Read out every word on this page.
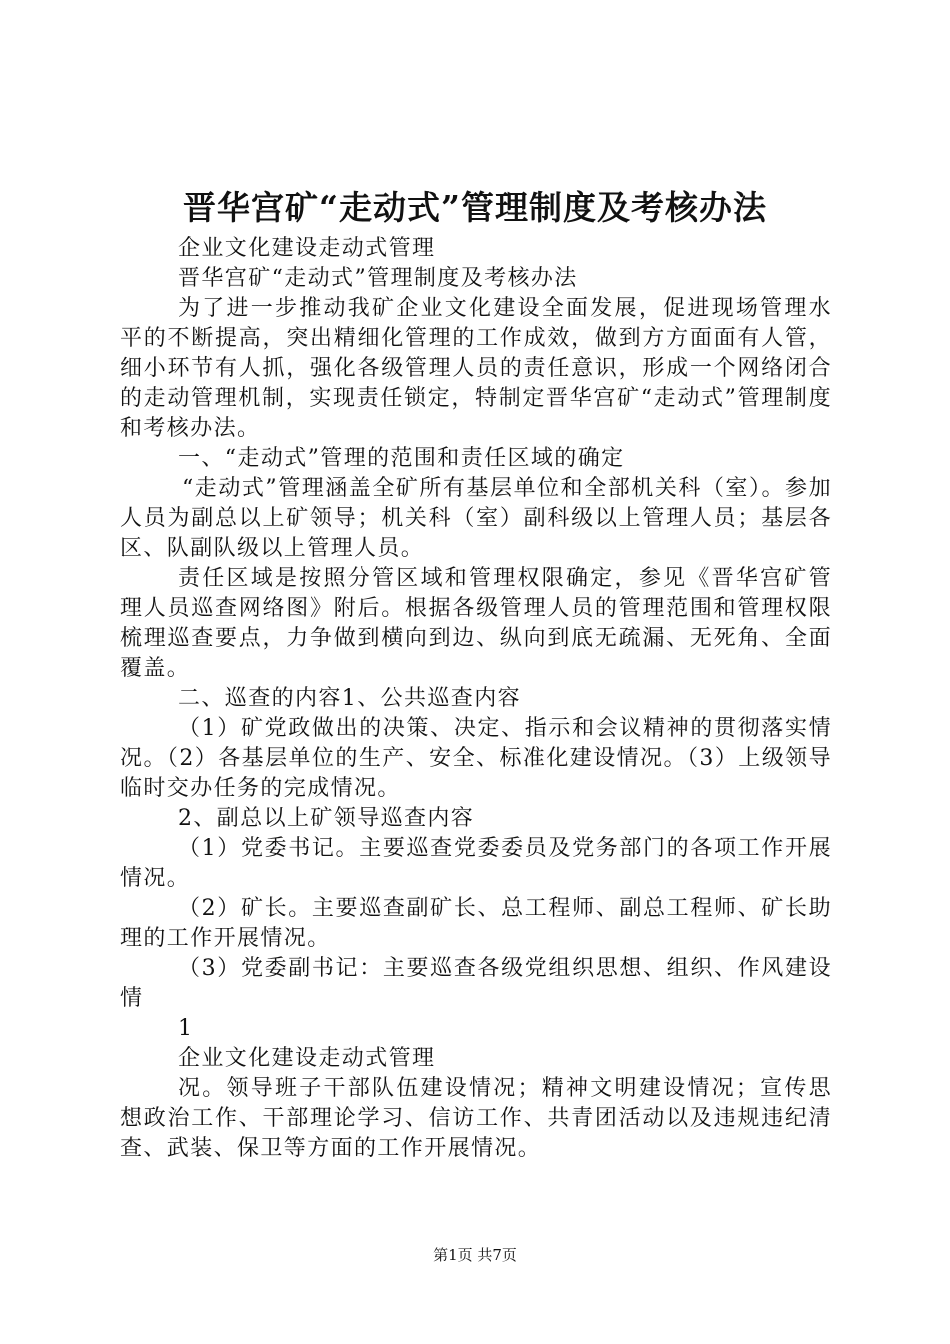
晋华宫矿“走动式”管理制度及考核办法

企业文化建设走动式管理

晋华宫矿“走动式”管理制度及考核办法

为了进一步推动我矿企业文化建设全面发展，促进现场管理水平的不断提高，突出精细化管理的工作成效，做到方方面面有人管，细小环节有人抓，强化各级管理人员的责任意识，形成一个网络闭合的走动管理机制，实现责任锁定，特制定晋华宫矿“走动式”管理制度和考核办法。

一、“走动式”管理的范围和责任区域的确定

“走动式”管理涵盖全矿所有基层单位和全部机关科（室）。参加人员为副总以上矿领导；机关科（室）副科级以上管理人员；基层各区、队副队级以上管理人员。

责任区域是按照分管区域和管理权限确定，参见《晋华宫矿管理人员巡查网络图》附后。根据各级管理人员的管理范围和管理权限梳理巡查要点，力争做到横向到边、纵向到底无疏漏、无死角、全面覆盖。

二、巡查的内容1、公共巡查内容

（1）矿党政做出的决策、决定、指示和会议精神的贯彻落实情况。（2）各基层单位的生产、安全、标准化建设情况。（3）上级领导临时交办任务的完成情况。

2、副总以上矿领导巡查内容

（1）党委书记。主要巡查党委委员及党务部门的各项工作开展情况。

（2）矿长。主要巡查副矿长、总工程师、副总工程师、矿长助理的工作开展情况。

（3）党委副书记：主要巡查各级党组织思想、组织、作风建设情

1

企业文化建设走动式管理

况。领导班子干部队伍建设情况；精神文明建设情况；宣传思想政治工作、干部理论学习、信访工作、共青团活动以及违规违纪清查、武装、保卫等方面的工作开展情况。

第1页 共7页
